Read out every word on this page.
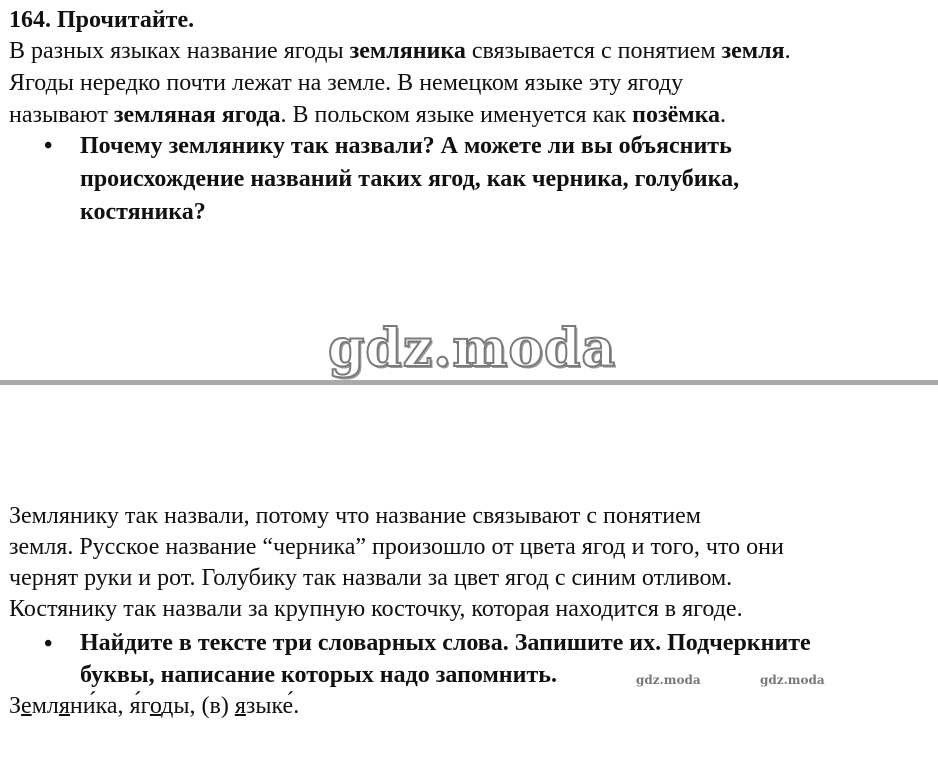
164. Прочитайте.
В разных языках название ягоды земляника связывается с понятием земля.
Ягоды нередко почти лежат на земле. В немецком языке эту ягоду
называют земляная ягода. В польском языке именуется как позёмка.
• Почему землянику так назвали? А можете ли вы объяснить
происхождение названий таких ягод, как черника, голубика,
костяника?
gdz.moda
Землянику так назвали, потому что название связывают с понятием
земля. Русское название “черника” произошло от цвета ягод и того, что они
чернят руки и рот. Голубику так назвали за цвет ягод с синим отливом.
Костянику так назвали за крупную косточку, которая находится в ягоде.
• Найдите в тексте три словарных слова. Запишите их. Подчеркните
буквы, написание которых надо запомнить.	gdz.moda	gdz.moda
Земляни́ка, я́годы, (в) языке́.
